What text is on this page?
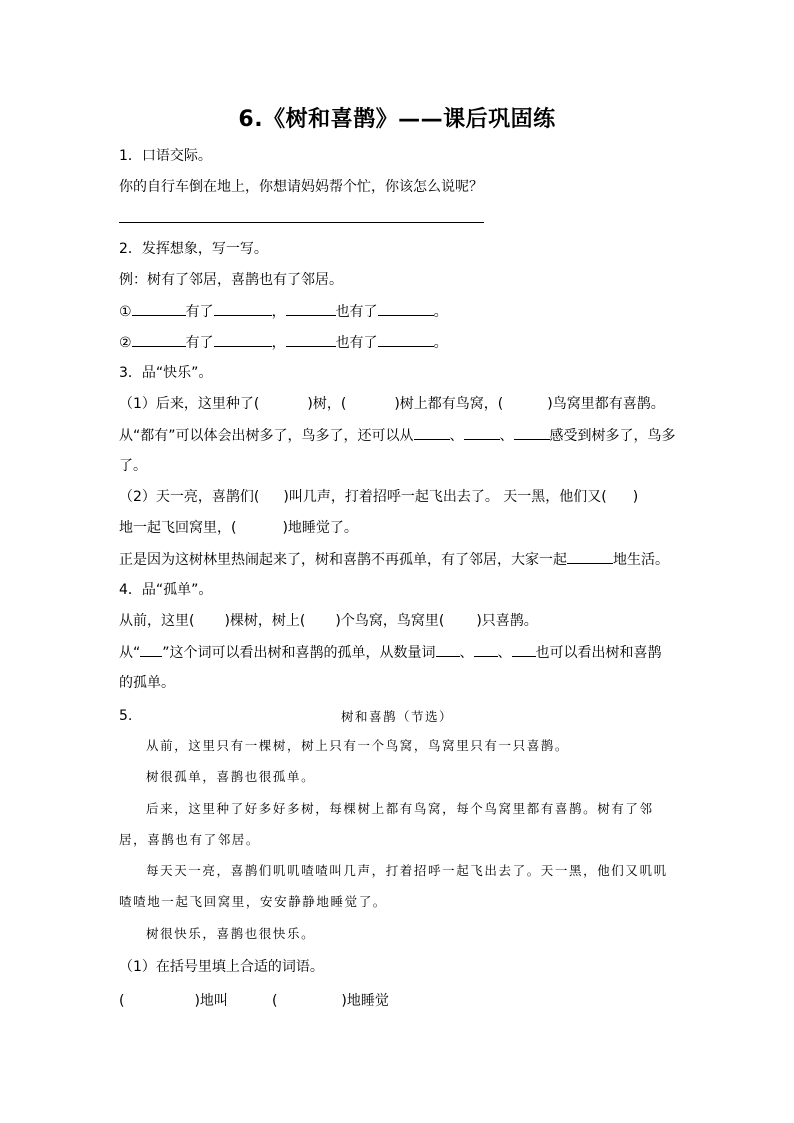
6.《树和喜鹊》——课后巩固练
1．口语交际。
你的自行车倒在地上，你想请妈妈帮个忙，你该怎么说呢？
2．发挥想象，写一写。
例：树有了邻居，喜鹊也有了邻居。
①	有了	，	也有了	。
②	有了	，	也有了	。
3．品“快乐”。
（1）后来，这里种了(	)树，(	)树上都有鸟窝，(	)鸟窝里都有喜鹊。
从“都有”可以体会出树多了，鸟多了，还可以从	、	、	感受到树多了，鸟多
了。
（2）天一亮，喜鹊们( )叫几声，打着招呼一起飞出去了。 天一黑，他们又( )
地一起飞回窝里，(	)地睡觉了。
正是因为这树林里热闹起来了，树和喜鹊不再孤单，有了邻居，大家一起	地生活。
4．品“孤单”。
从前，这里( )棵树，树上( )个鸟窝，鸟窝里( )只喜鹊。
从“ ”这个词可以看出树和喜鹊的孤单，从数量词 、 、 也可以看出树和喜鹊
的孤单。
5.	树和喜鹊（节选）
从前，这里只有一棵树，树上只有一个鸟窝，鸟窝里只有一只喜鹊。
树很孤单，喜鹊也很孤单。
后来，这里种了好多好多树，每棵树上都有鸟窝，每个鸟窝里都有喜鹊。树有了邻
居，喜鹊也有了邻居。
每天天一亮，喜鹊们叽叽喳喳叫几声，打着招呼一起飞出去了。天一黑，他们又叽叽
喳喳地一起飞回窝里，安安静静地睡觉了。
树很快乐，喜鹊也很快乐。
（1）在括号里填上合适的词语。
(	)地叫	(	)地睡觉
